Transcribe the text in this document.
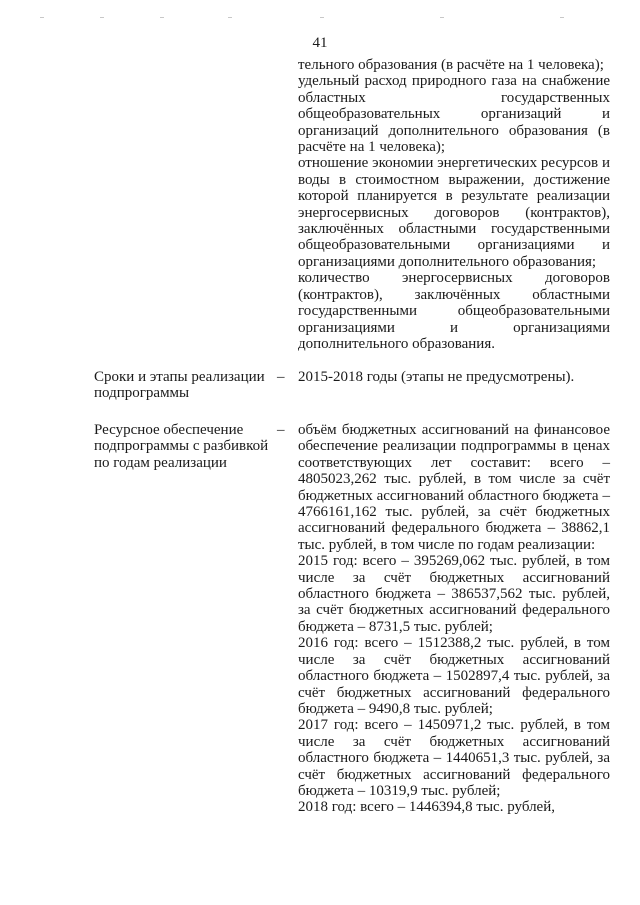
41

тельного образования (в расчёте на 1 человека);

удельный расход природного газа на снабжение областных государственных общеобразовательных организаций и организаций дополнительного образования (в расчёте на 1 человека);

отношение экономии энергетических ресурсов и воды в стоимостном выражении, достижение которой планируется в результате реализации энергосервисных договоров (контрактов), заключённых областными государственными общеобразовательными организациями и организациями дополнительного образования;

количество энергосервисных договоров (контрактов), заключённых областными государственными общеобразовательными организациями и организациями дополнительного образования.

Сроки и этапы реализации подпрограммы
– 2015-2018 годы (этапы не предусмотрены).
Ресурсное обеспечение подпрограммы с разбивкой по годам реализации
– объём бюджетных ассигнований на финансовое обеспечение реализации подпрограммы в ценах соответствующих лет составит: всего – 4805023,262 тыс. рублей, в том числе за счёт бюджетных ассигнований областного бюджета – 4766161,162 тыс. рублей, за счёт бюджетных ассигнований федерального бюджета – 38862,1 тыс. рублей, в том числе по годам реализации:

2015 год: всего – 395269,062 тыс. рублей, в том числе за счёт бюджетных ассигнований областного бюджета – 386537,562 тыс. рублей, за счёт бюджетных ассигнований федерального бюджета – 8731,5 тыс. рублей;

2016 год: всего – 1512388,2 тыс. рублей, в том числе за счёт бюджетных ассигнований областного бюджета – 1502897,4 тыс. рублей, за счёт бюджетных ассигнований федерального бюджета – 9490,8 тыс. рублей;

2017 год: всего – 1450971,2 тыс. рублей, в том числе за счёт бюджетных ассигнований областного бюджета – 1440651,3 тыс. рублей, за счёт бюджетных ассигнований федерального бюджета – 10319,9 тыс. рублей;

2018 год: всего – 1446394,8 тыс. рублей,
